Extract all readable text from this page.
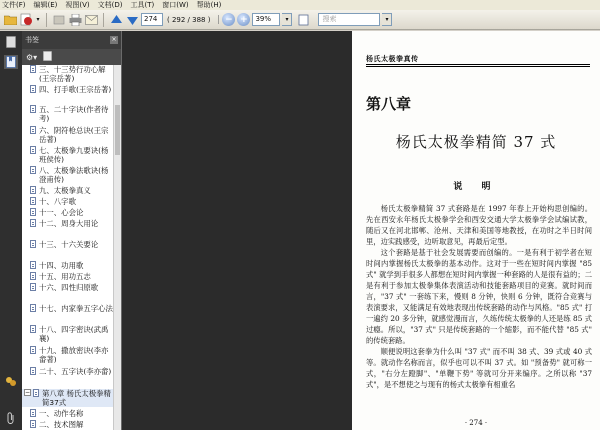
文件(F) 编辑(E) 视图(V) 文档(D) 工具(T) 窗口(W) 帮助(H)
▾	274	( 292 / 388 ) | − +	39%	▾	搜索	▾
书签	×
⚙▾
三、十三势行功心解(王宗岳著)
四、打手歌(王宗岳著)
五、二十字诀(作者待考)
六、阴符枪总诀(王宗岳著)
七、太极拳九要诀(杨班侯传)
八、太极拳法歌诀(杨澄甫传)
九、太极拳真义
十、八字歌
十一、心会论
十二、周身大用论
十三、十六关要论
十四、功用歌
十五、用功五志
十六、四性归原歌
十七、内家拳五字心法
十八、四字密诀(武禹襄)
十九、撒放密诀(李亦畲著)
二十、五字诀(李亦畲)
− 第八章 杨氏太极拳精简37式
一、动作名称
二、技术图解
杨氏太极拳真传
第八章
杨氏太极拳精简 37 式
说 明

杨氏太极拳精简 37 式套路是在 1997 年春上开始构思创编的。先在西安永年杨氏太极拳学会和西安交通大学太极拳学会试编试教，随后又在河北邯郸、沧州、天津和美国等地教授，在功时之半日时间里，边实践感受，边听取意见，再最后定型。

这个套路是基于社会发展需要而创编的。一是有利于初学者在短时间内掌握杨氏太极拳的基本动作。这对于一些在短时间内掌握 "85 式" 就学到手很多人都想在短时间内掌握一种套路的人是很有益的；二是有利于参加太极拳集体表演活动和技能套路项目的竞赛。就时间而言，"37 式" 一套练下来，慢则 8 分钟，快则 6 分钟，既符合竞赛与表演要求，又能满足有效地表现出传统套路的动作与风格。"85 式" 打一遍约 20 多分钟，就感觉漫而言，久练传统太极拳的人还是练 85 式过瘾。所以，"37 式" 只是传统套路的一个缩影，而不能代替 "85 式" 的传统套路。

顺便说明这套拳为什么叫 "37 式" 而不叫 38 式、39 式或 40 式等。就动作名称而言，似乎也可以不叫 37 式。如 "预备势" 就可称一式，"右分左蹬脚"、"单鞭下势" 等就可分开来编序。之所以称 "37 式"，是不想使之与现有的杨式太极拳有相重名

· 274 ·
